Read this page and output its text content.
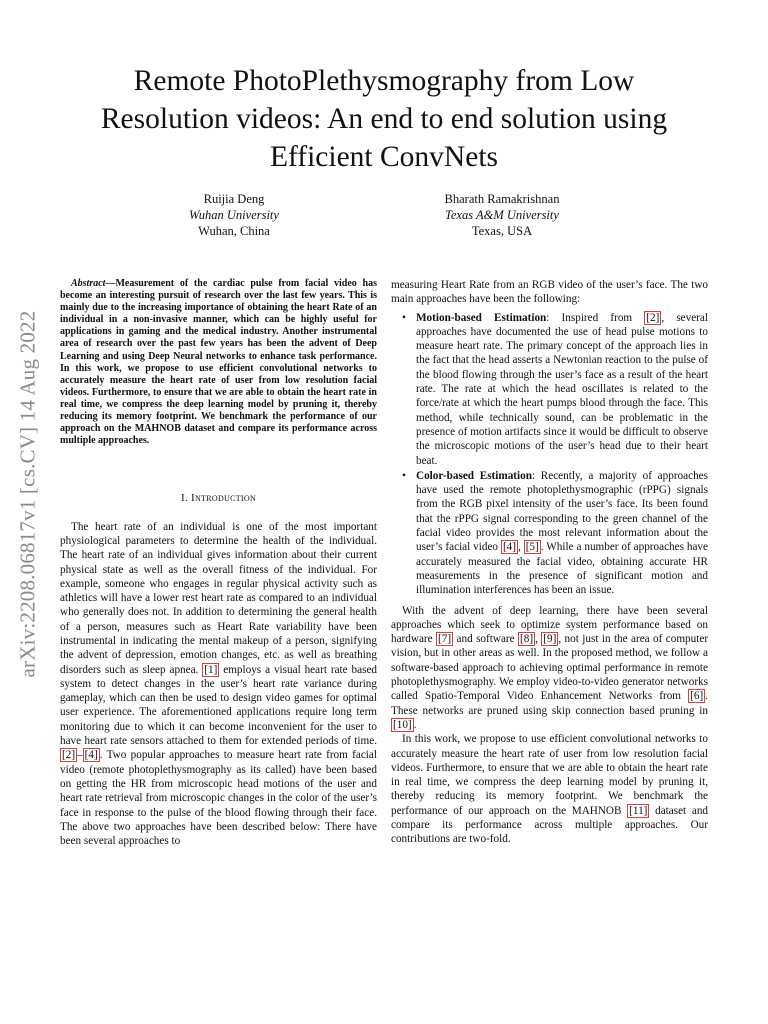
arXiv:2208.06817v1 [cs.CV] 14 Aug 2022
Remote PhotoPlethysmography from Low Resolution videos: An end to end solution using Efficient ConvNets
Ruijia Deng
Wuhan University
Wuhan, China
Bharath Ramakrishnan
Texas A&M University
Texas, USA

Abstract—Measurement of the cardiac pulse from facial video has become an interesting pursuit of research over the last few years. This is mainly due to the increasing importance of obtaining the heart Rate of an individual in a non-invasive manner, which can be highly useful for applications in gaming and the medical industry. Another instrumental area of research over the past few years has been the advent of Deep Learning and using Deep Neural networks to enhance task performance. In this work, we propose to use efficient convolutional networks to accurately measure the heart rate of user from low resolution facial videos. Furthermore, to ensure that we are able to obtain the heart rate in real time, we compress the deep learning model by pruning it, thereby reducing its memory footprint. We benchmark the performance of our approach on the MAHNOB dataset and compare its performance across multiple approaches.

I. Introduction

The heart rate of an individual is one of the most important physiological parameters to determine the health of the individual. The heart rate of an individual gives information about their current physical state as well as the overall fitness of the individual. For example, someone who engages in regular physical activity such as athletics will have a lower rest heart rate as compared to an individual who generally does not. In addition to determining the general health of a person, measures such as Heart Rate variability have been instrumental in indicating the mental makeup of a person, signifying the advent of depression, emotion changes, etc. as well as breathing disorders such as sleep apnea. [1] employs a visual heart rate based system to detect changes in the user’s heart rate variance during gameplay, which can then be used to design video games for optimal user experience. The aforementioned applications require long term monitoring due to which it can become inconvenient for the user to have heart rate sensors attached to them for extended periods of time. [2] – [4] . Two popular approaches to measure heart rate from facial video (remote photoplethysmography as its called) have been based on getting the HR from microscopic head motions of the user and heart rate retrieval from microscopic changes in the color of the user’s face in response to the pulse of the blood flowing through their face. The above two approaches have been described below: There have been several approaches to

measuring Heart Rate from an RGB video of the user’s face. The two main approaches have been the following:

• Motion-based Estimation: Inspired from [2] , several approaches have documented the use of head pulse motions to measure heart rate. The primary concept of the approach lies in the fact that the head asserts a Newtonian reaction to the pulse of the blood flowing through the user’s face as a result of the heart rate. The rate at which the head oscillates is related to the force/rate at which the heart pumps blood through the face. This method, while technically sound, can be problematic in the presence of motion artifacts since it would be difficult to observe the microscopic motions of the user’s head due to their heart beat.
• Color-based Estimation: Recently, a majority of approaches have used the remote photoplethysmographic (rPPG) signals from the RGB pixel intensity of the user’s face. Its been found that the rPPG signal corresponding to the green channel of the facial video provides the most relevant information about the user’s facial video [4] , [5] . While a number of approaches have accurately measured the facial video, obtaining accurate HR measurements in the presence of significant motion and illumination interferences has been an issue.

With the advent of deep learning, there have been several approaches which seek to optimize system performance based on hardware [7] and software [8] , [9] , not just in the area of computer vision, but in other areas as well. In the proposed method, we follow a software-based approach to achieving optimal performance in remote photoplethysmography. We employ video-to-video generator networks called Spatio-Temporal Video Enhancement Networks from [6] . These networks are pruned using skip connection based pruning in [10] .

In this work, we propose to use efficient convolutional networks to accurately measure the heart rate of user from low resolution facial videos. Furthermore, to ensure that we are able to obtain the heart rate in real time, we compress the deep learning model by pruning it, thereby reducing its memory footprint. We benchmark the performance of our approach on the MAHNOB [11] dataset and compare its performance across multiple approaches. Our contributions are two-fold.
